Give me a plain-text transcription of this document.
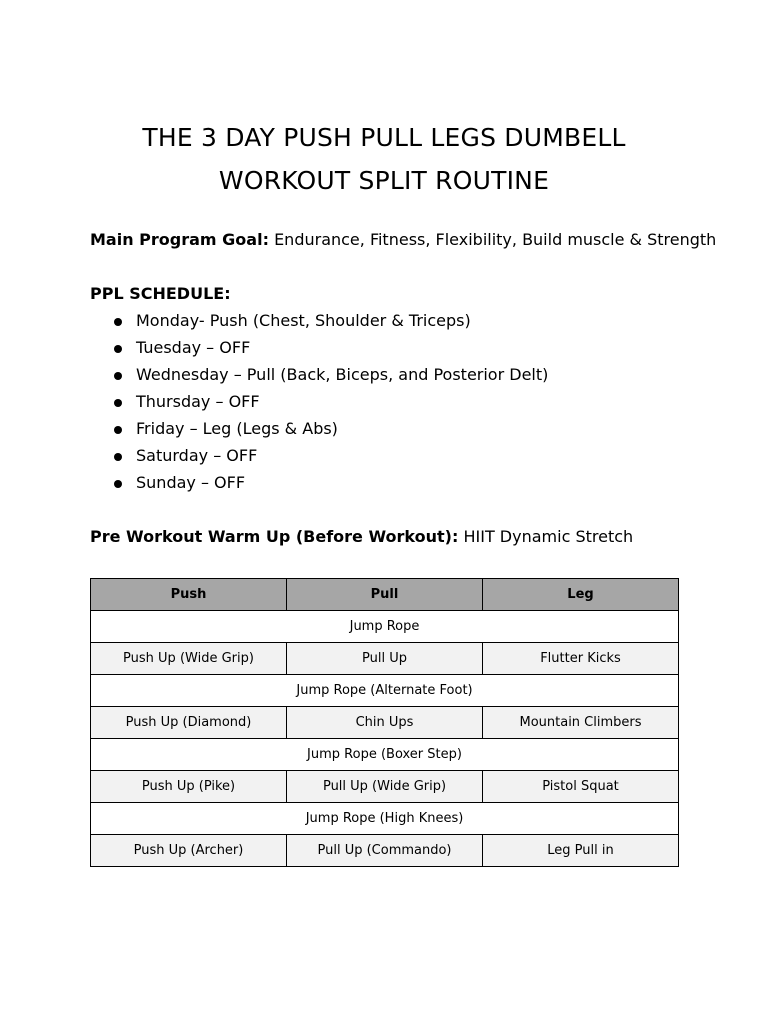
THE 3 DAY PUSH PULL LEGS DUMBELL
WORKOUT SPLIT ROUTINE
Main Program Goal: Endurance, Fitness, Flexibility, Build muscle & Strength
PPL SCHEDULE:
Monday- Push (Chest, Shoulder & Triceps)
Tuesday – OFF
Wednesday – Pull (Back, Biceps, and Posterior Delt)
Thursday – OFF
Friday – Leg (Legs & Abs)
Saturday – OFF
Sunday – OFF
Pre Workout Warm Up (Before Workout): HIIT Dynamic Stretch
Push	Pull	Leg
Jump Rope		
Push Up (Wide Grip)	Pull Up	Flutter Kicks
Jump Rope (Alternate Foot)		
Push Up (Diamond)	Chin Ups	Mountain Climbers
Jump Rope (Boxer Step)		
Push Up (Pike)	Pull Up (Wide Grip)	Pistol Squat
Jump Rope (High Knees)		
Push Up (Archer)	Pull Up (Commando)	Leg Pull in
